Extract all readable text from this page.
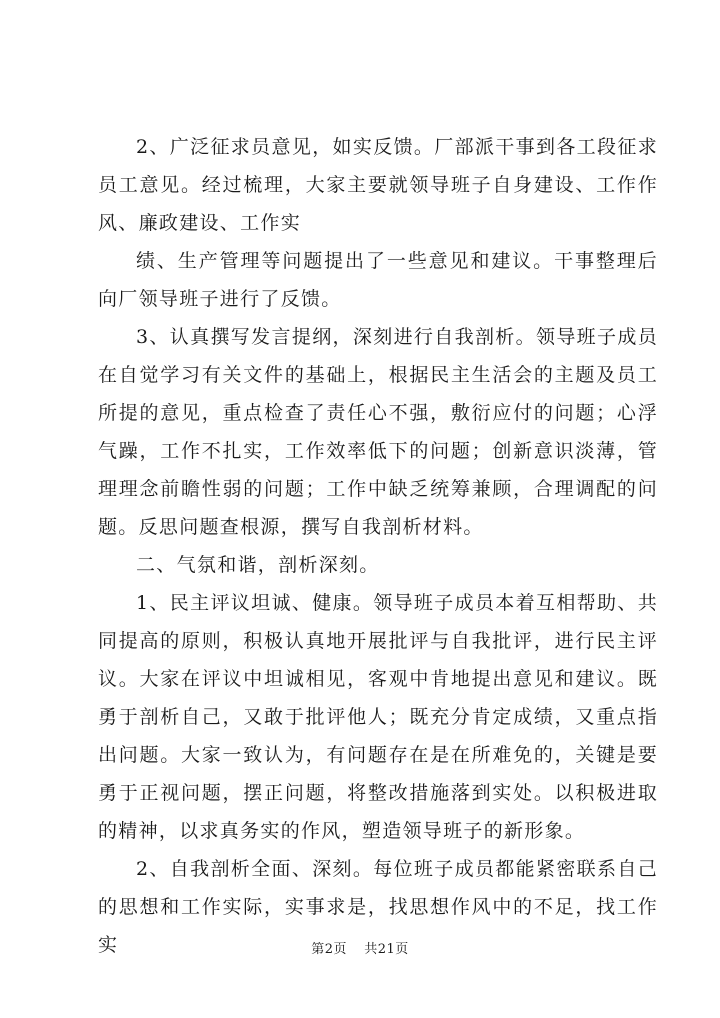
2、广泛征求员意见，如实反馈。厂部派干事到各工段征求员工意见。经过梳理，大家主要就领导班子自身建设、工作作风、廉政建设、工作实

绩、生产管理等问题提出了一些意见和建议。干事整理后向厂领导班子进行了反馈。

3、认真撰写发言提纲，深刻进行自我剖析。领导班子成员在自觉学习有关文件的基础上，根据民主生活会的主题及员工所提的意见，重点检查了责任心不强，敷衍应付的问题；心浮气躁，工作不扎实，工作效率低下的问题；创新意识淡薄，管理理念前瞻性弱的问题；工作中缺乏统筹兼顾，合理调配的问题。反思问题查根源，撰写自我剖析材料。

二、气氛和谐，剖析深刻。

1、民主评议坦诚、健康。领导班子成员本着互相帮助、共同提高的原则，积极认真地开展批评与自我批评，进行民主评议。大家在评议中坦诚相见，客观中肯地提出意见和建议。既勇于剖析自己，又敢于批评他人；既充分肯定成绩，又重点指出问题。大家一致认为，有问题存在是在所难免的，关键是要勇于正视问题，摆正问题，将整改措施落到实处。以积极进取的精神，以求真务实的作风，塑造领导班子的新形象。

2、自我剖析全面、深刻。每位班子成员都能紧密联系自己的思想和工作实际，实事求是，找思想作风中的不足，找工作实	第2页 共21页
